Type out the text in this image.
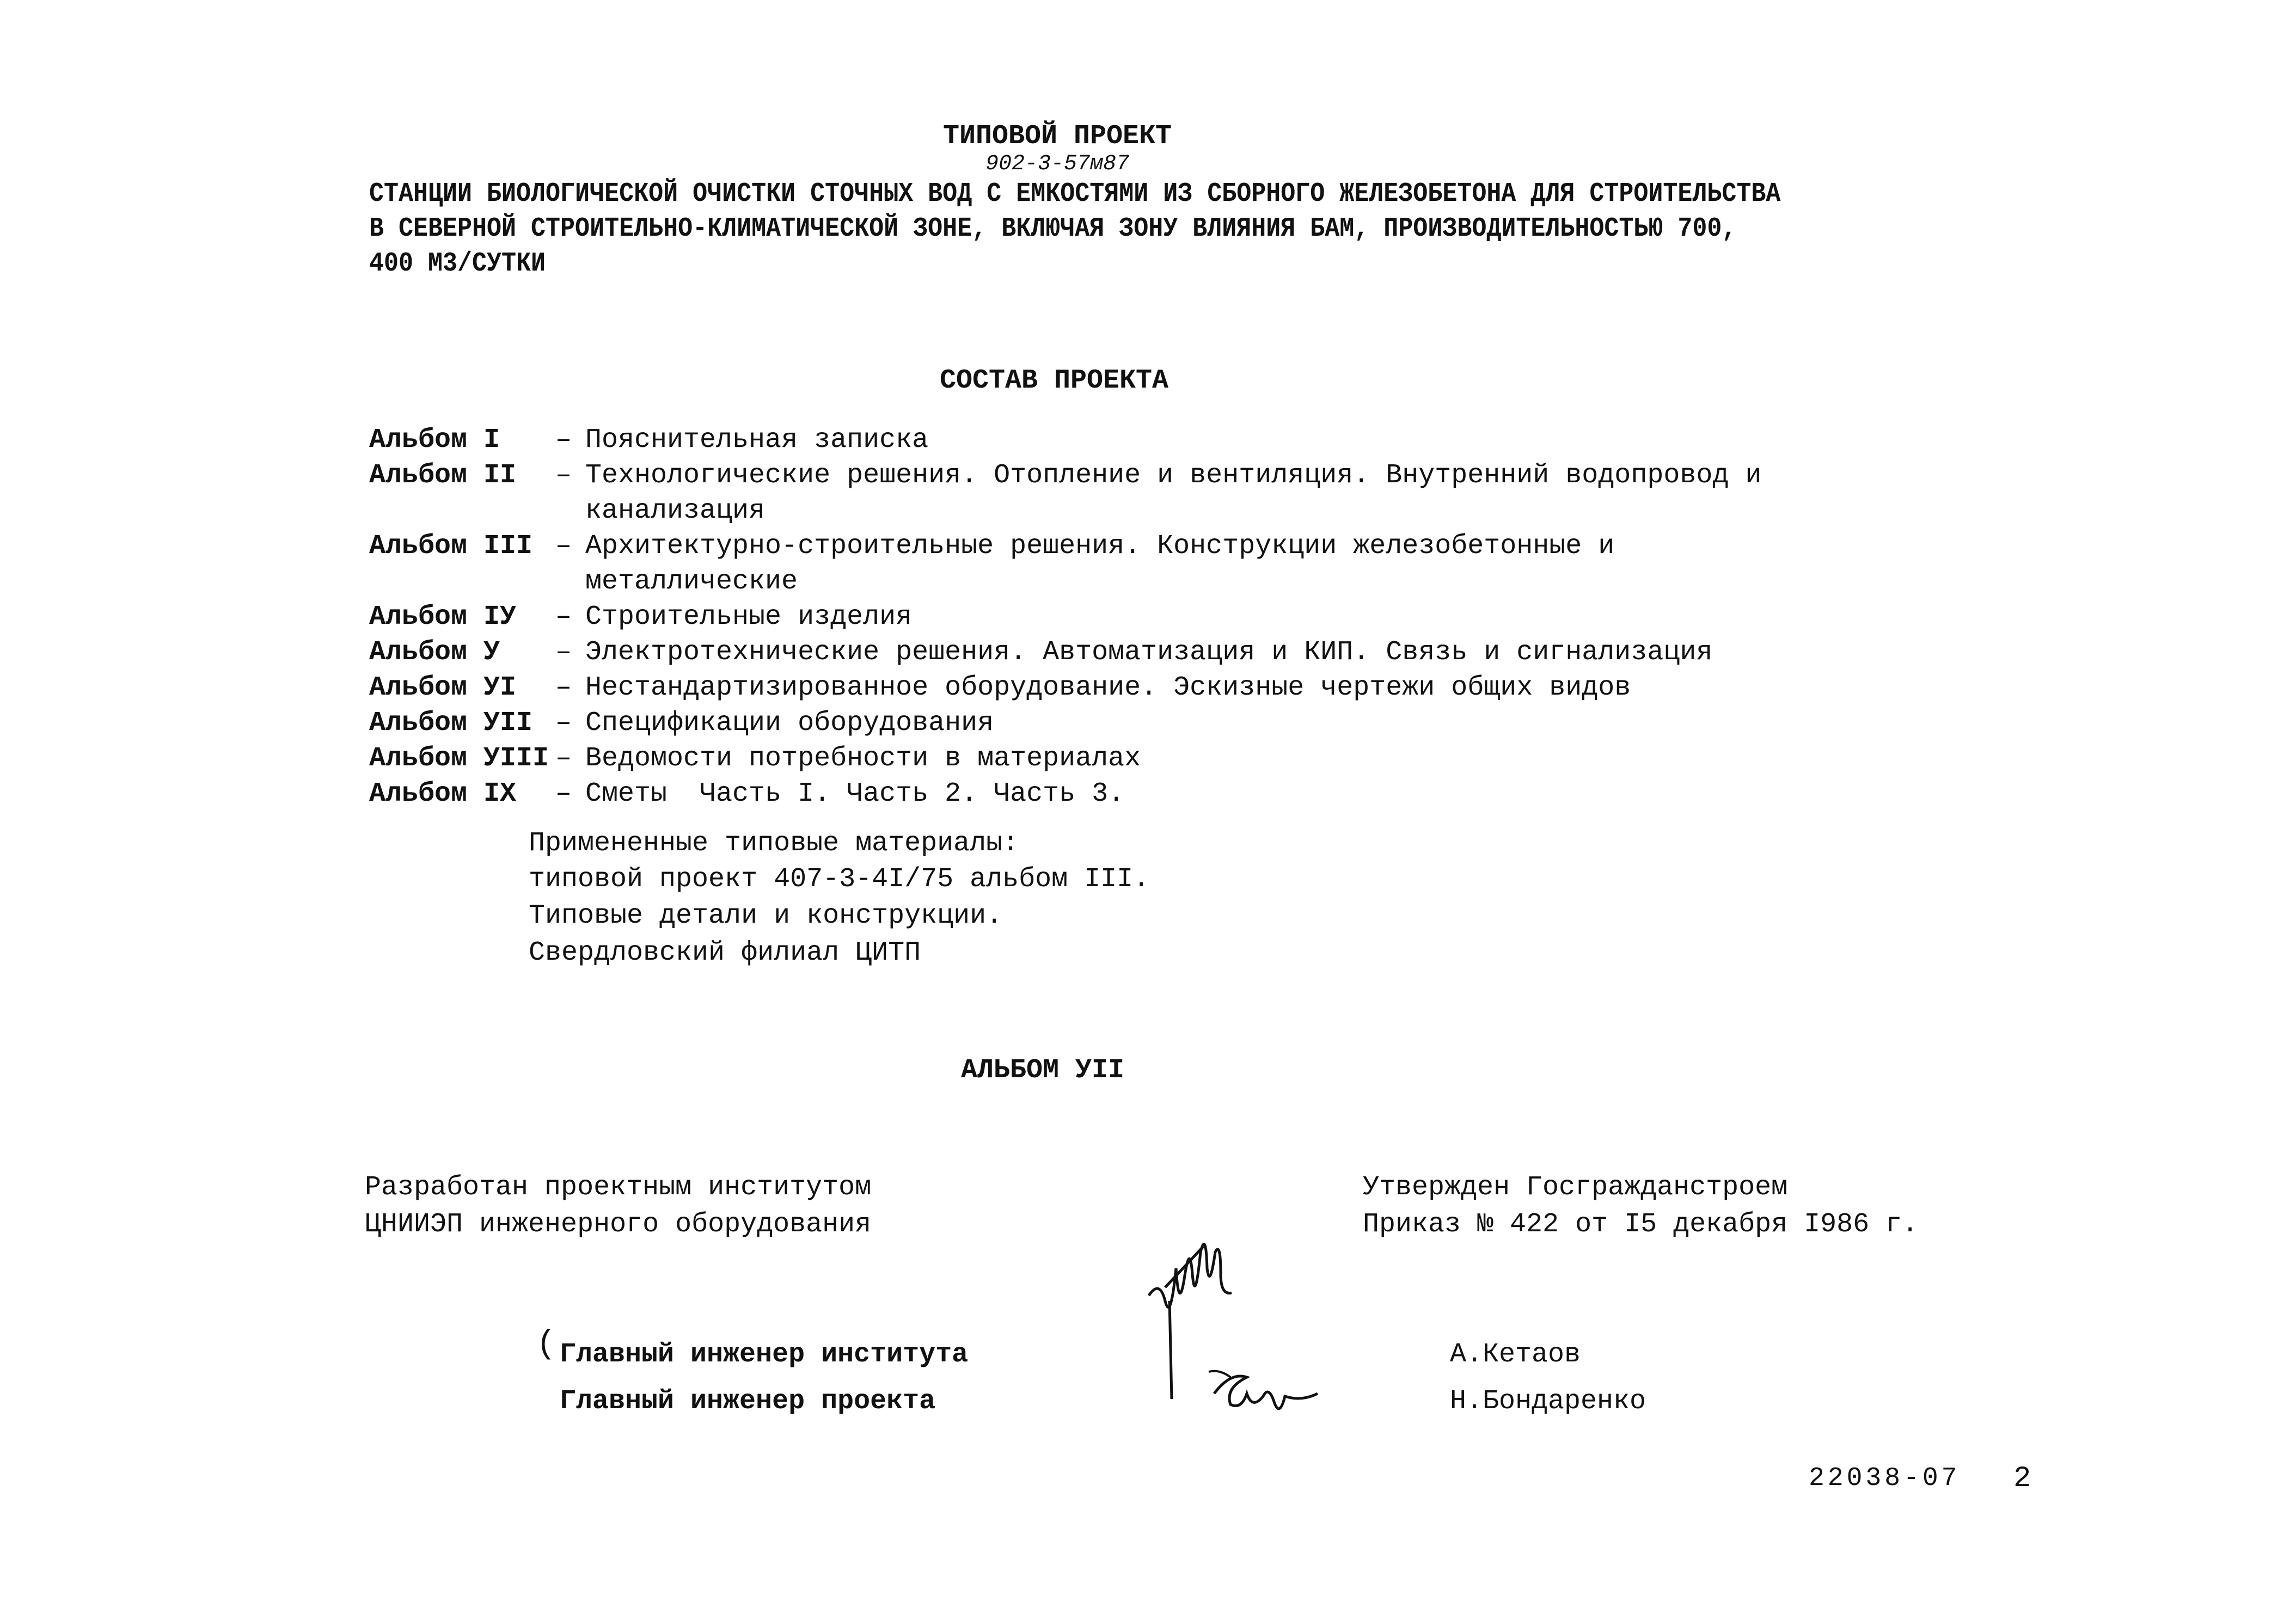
ТИПОВОЙ ПРОЕКТ
902-3-57м87
СТАНЦИИ БИОЛОГИЧЕСКОЙ ОЧИСТКИ СТОЧНЫХ ВОД С ЕМКОСТЯМИ ИЗ СБОРНОГО ЖЕЛЕЗОБЕТОНА ДЛЯ СТРОИТЕЛЬСТВА
В СЕВЕРНОЙ СТРОИТЕЛЬНО-КЛИМАТИЧЕСКОЙ ЗОНЕ, ВКЛЮЧАЯ ЗОНУ ВЛИЯНИЯ БАМ, ПРОИЗВОДИТЕЛЬНОСТЬЮ 700,
400 М3/СУТКИ
СОСТАВ ПРОЕКТА
Альбом I – Пояснительная записка
Альбом II – Технологические решения. Отопление и вентиляция. Внутренний водопровод и
канализация
Альбом III – Архитектурно-строительные решения. Конструкции железобетонные и
металлические
Альбом IУ – Строительные изделия
Альбом У – Электротехнические решения. Автоматизация и КИП. Связь и сигнализация
Альбом УI – Нестандартизированное оборудование. Эскизные чертежи общих видов
Альбом УII – Спецификации оборудования
Альбом УIII – Ведомости потребности в материалах
Альбом IX – Сметы  Часть I. Часть 2. Часть 3.
Примененные типовые материалы:
типовой проект 407-3-4I/75 альбом III.
Типовые детали и конструкции.
Свердловский филиал ЦИТП
АЛЬБОМ УII
Разработан проектным институтом
ЦНИИЭП инженерного оборудования
Утвержден Госгражданстроем
Приказ № 422 от I5 декабря I986 г.
( Главный инженер института
Главный инженер проекта
А.Кетаов
Н.Бондаренко
22038-07 2
